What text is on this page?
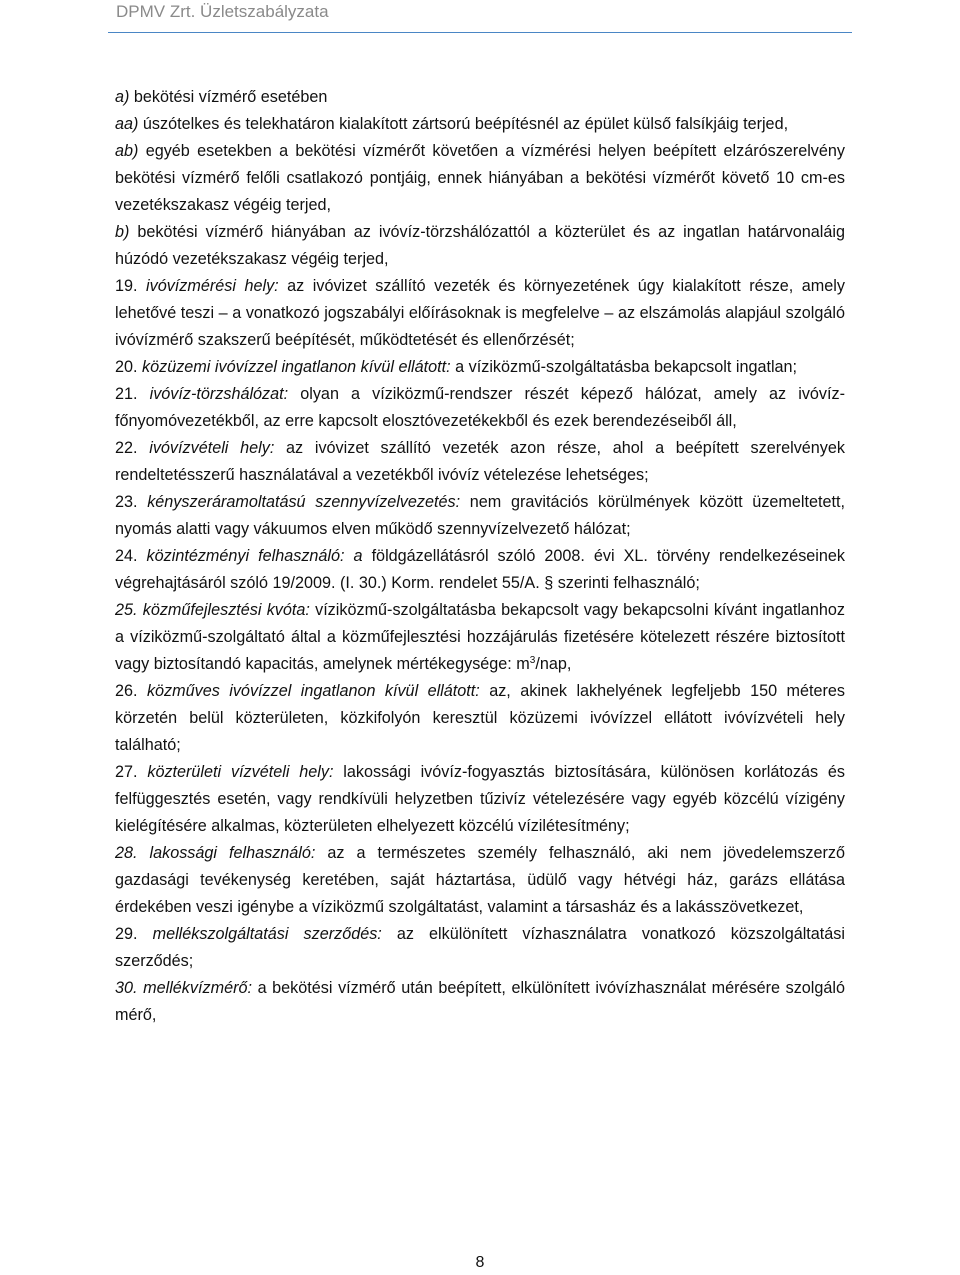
DPMV Zrt. Üzletszabályzata

a) bekötési vízmérő esetében

aa) úszótelkes és telekhatáron kialakított zártsorú beépítésnél az épület külső falsíkjáig terjed,

ab) egyéb esetekben a bekötési vízmérőt követően a vízmérési helyen beépített elzárószerelvény bekötési vízmérő felőli csatlakozó pontjáig, ennek hiányában a bekötési vízmérőt követő 10 cm-es vezetékszakasz végéig terjed,

b) bekötési vízmérő hiányában az ivóvíz-törzshálózattól a közterület és az ingatlan határvonaláig húzódó vezetékszakasz végéig terjed,

19. ivóvízmérési hely: az ivóvizet szállító vezeték és környezetének úgy kialakított része, amely lehetővé teszi – a vonatkozó jogszabályi előírásoknak is megfelelve – az elszámolás alapjául szolgáló ivóvízmérő szakszerű beépítését, működtetését és ellenőrzését;

20. közüzemi ivóvízzel ingatlanon kívül ellátott: a víziközmű-szolgáltatásba bekapcsolt ingatlan;

21. ivóvíz-törzshálózat: olyan a víziközmű-rendszer részét képező hálózat, amely az ivóvíz-főnyomóvezetékből, az erre kapcsolt elosztóvezetékekből és ezek berendezéseiből áll,

22. ivóvízvételi hely: az ivóvizet szállító vezeték azon része, ahol a beépített szerelvények rendeltetésszerű használatával a vezetékből ivóvíz vételezése lehetséges;

23. kényszeráramoltatású szennyvízelvezetés: nem gravitációs körülmények között üzemeltetett, nyomás alatti vagy vákuumos elven működő szennyvízelvezető hálózat;

24. közintézményi felhasználó: a földgázellátásról szóló 2008. évi XL. törvény rendelkezéseinek végrehajtásáról szóló 19/2009. (I. 30.) Korm. rendelet 55/A. § szerinti felhasználó;

25. közműfejlesztési kvóta: víziközmű-szolgáltatásba bekapcsolt vagy bekapcsolni kívánt ingatlanhoz a víziközmű-szolgáltató által a közműfejlesztési hozzájárulás fizetésére kötelezett részére biztosított vagy biztosítandó kapacitás, amelynek mértékegysége: $m^3$/nap,

26. közműves ivóvízzel ingatlanon kívül ellátott: az, akinek lakhelyének legfeljebb 150 méteres körzetén belül közterületen, közkifolyón keresztül közüzemi ivóvízzel ellátott ivóvízvételi hely található;

27. közterületi vízvételi hely: lakossági ivóvíz-fogyasztás biztosítására, különösen korlátozás és felfüggesztés esetén, vagy rendkívüli helyzetben tűzivíz vételezésére vagy egyéb közcélú vízigény kielégítésére alkalmas, közterületen elhelyezett közcélú vízilétesítmény;

28. lakossági felhasználó: az a természetes személy felhasználó, aki nem jövedelemszerző gazdasági tevékenység keretében, saját háztartása, üdülő vagy hétvégi ház, garázs ellátása érdekében veszi igénybe a víziközmű szolgáltatást, valamint a társasház és a lakásszövetkezet,

29. mellékszolgáltatási szerződés: az elkülönített vízhasználatra vonatkozó közszolgáltatási szerződés;

30. mellékvízmérő: a bekötési vízmérő után beépített, elkülönített ivóvízhasználat mérésére szolgáló mérő,

8
